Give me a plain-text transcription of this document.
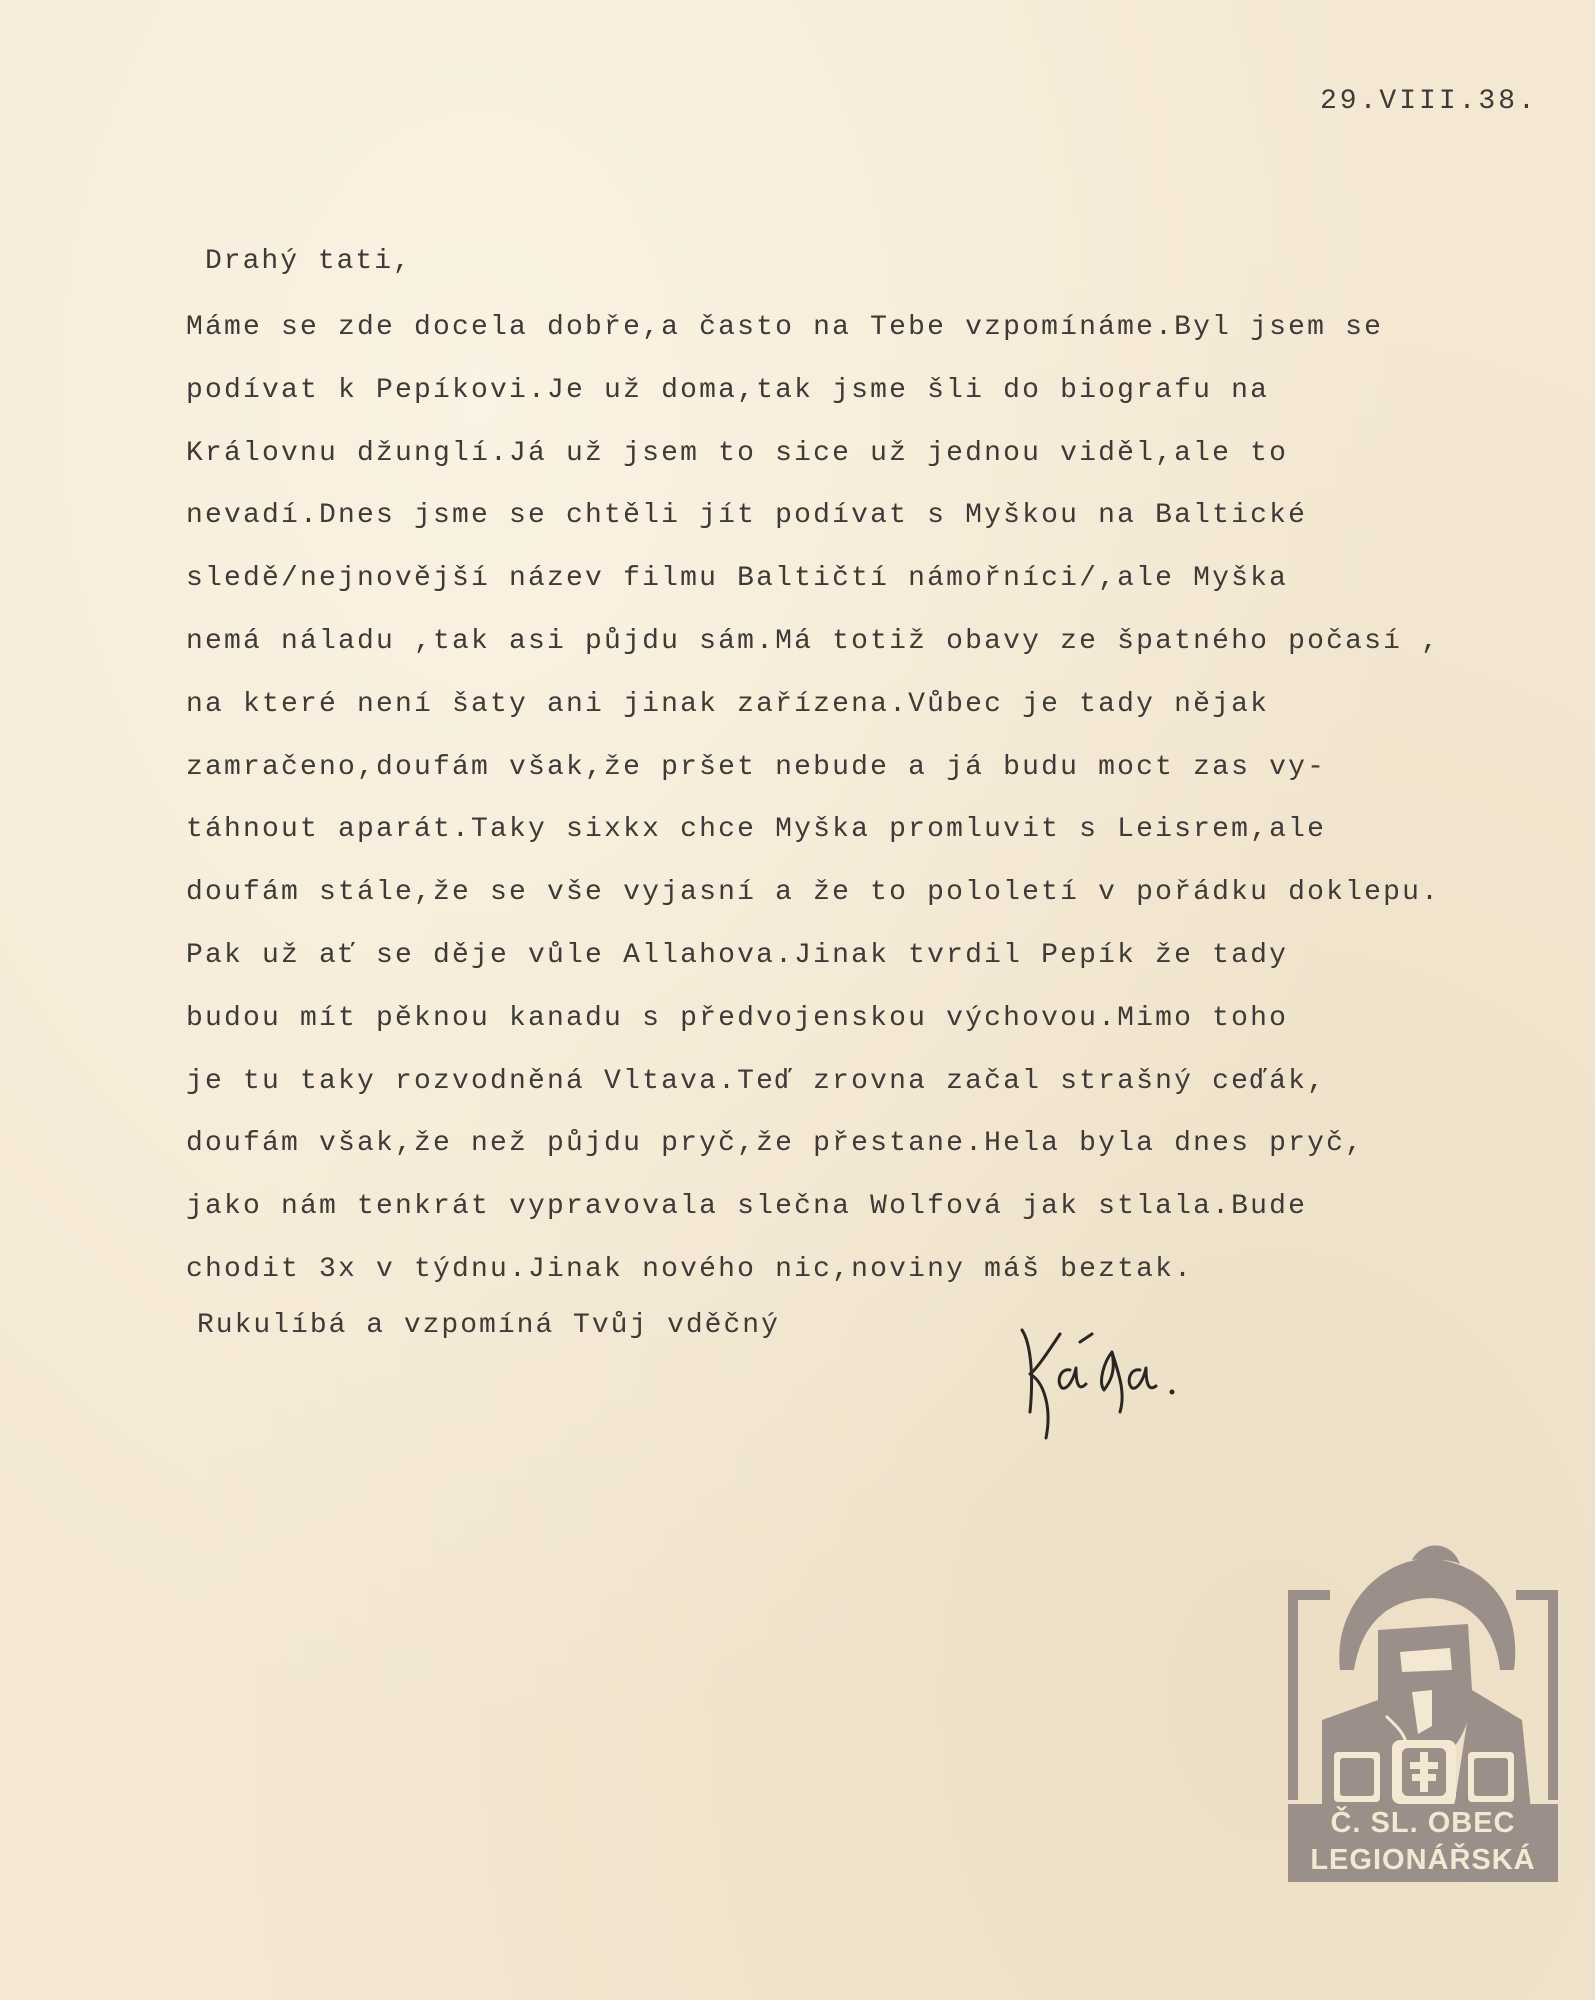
29.VIII.38.
Drahý tati,
Máme se zde docela dobře,a často na Tebe vzpomínáme.Byl jsem se
podívat k Pepíkovi.Je už doma,tak jsme šli do biografu na
Královnu džunglí.Já už jsem to sice už jednou viděl,ale to
nevadí.Dnes jsme se chtěli jít podívat s Myškou na Baltické
sledě/nejnovější název filmu Baltičtí námořníci/,ale Myška
nemá náladu ,tak asi půjdu sám.Má totiž obavy ze špatného počasí ,
na které není šaty ani jinak zařízena.Vůbec je tady nějak
zamračeno,doufám však,že pršet nebude a já budu moct zas vy-
táhnout aparát.Taky sixkx chce Myška promluvit s Leisrem,ale
doufám stále,že se vše vyjasní a že to pololetí v pořádku doklepu.
Pak už ať se děje vůle Allahova.Jinak tvrdil Pepík že tady
budou mít pěknou kanadu s předvojenskou výchovou.Mimo toho
je tu taky rozvodněná Vltava.Teď zrovna začal strašný ceďák,
doufám však,že než půjdu pryč,že přestane.Hela byla dnes pryč,
jako nám tenkrát vypravovala slečna Wolfová jak stlala.Bude
chodit 3x v týdnu.Jinak nového nic,noviny máš beztak.
Rukulíbá a vzpomíná Tvůj vděčný
Č. SL. OBEC
LEGIONÁŘSKÁ
